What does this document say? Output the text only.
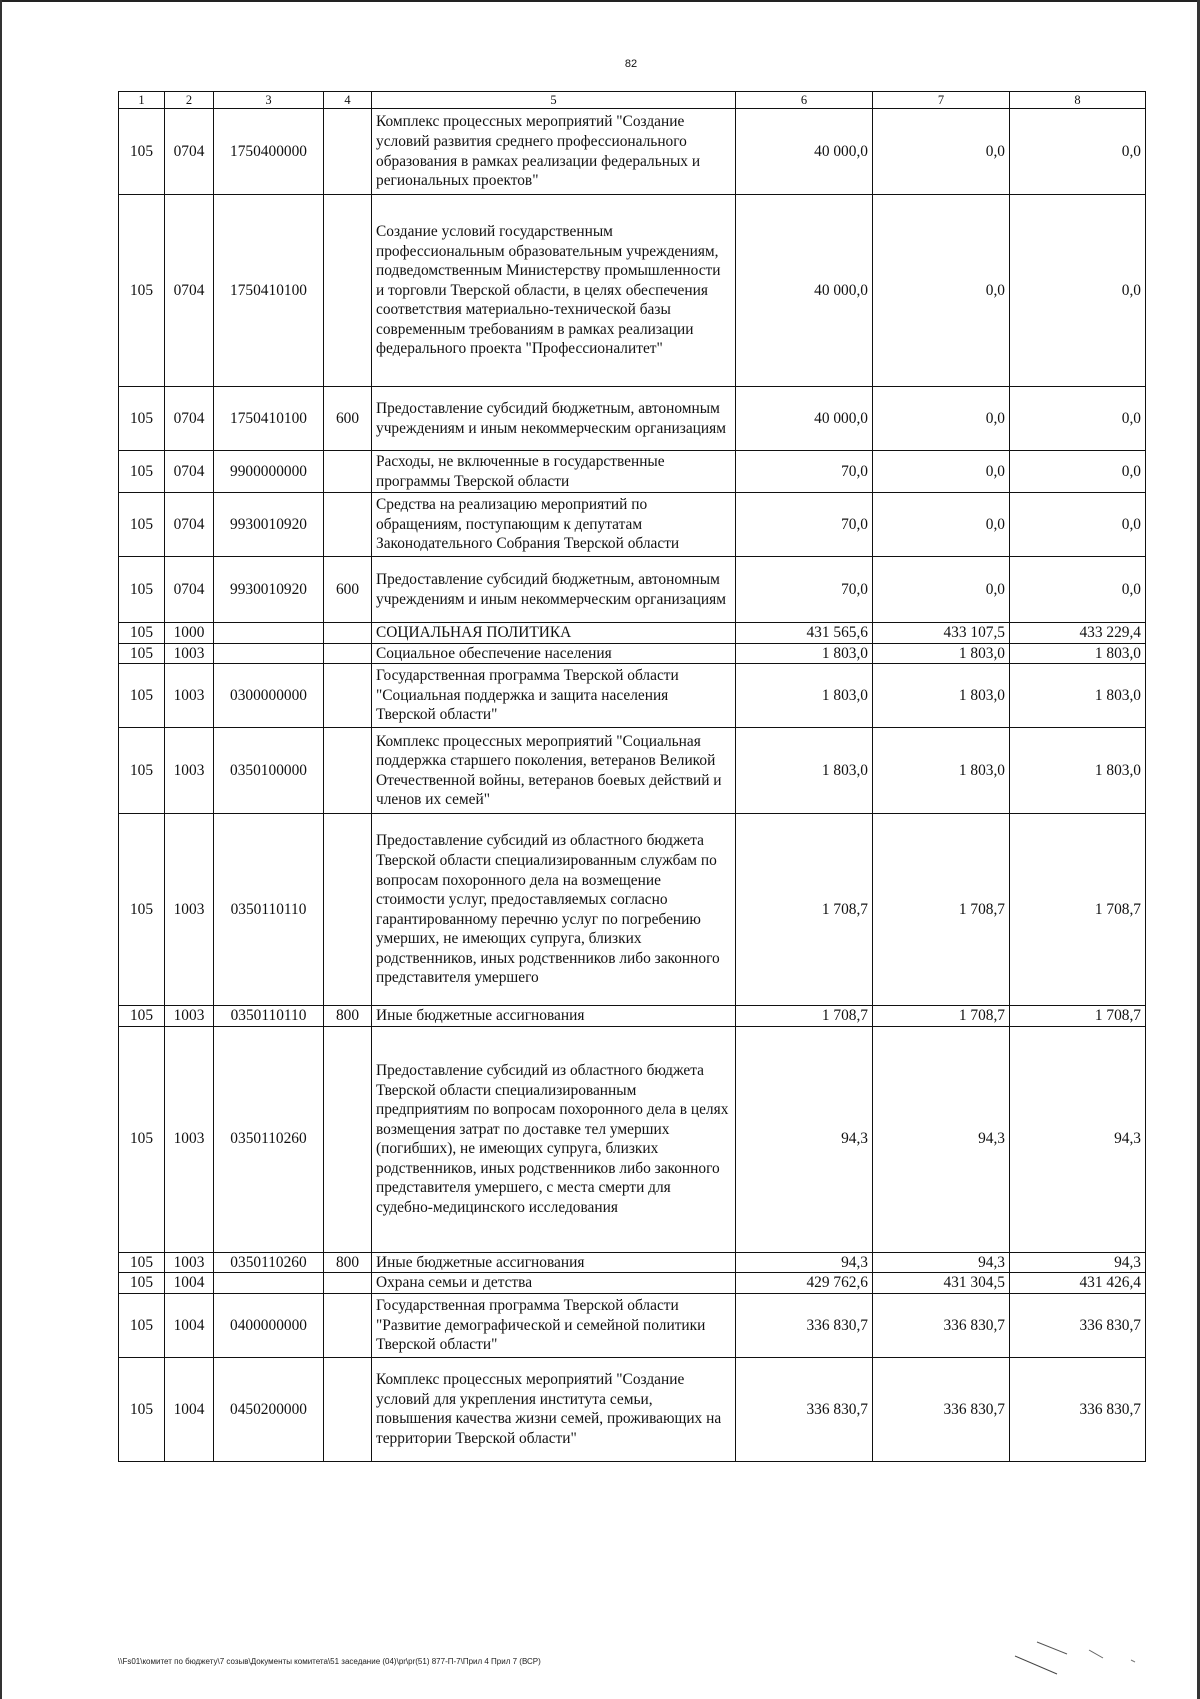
82
1	2	3	4	5	6	7	8
105	0704	1750400000		Комплекс процессных мероприятий "Создание условий развития среднего профессионального образования в рамках реализации федеральных и региональных проектов"	40 000,0	0,0	0,0
105	0704	1750410100		Создание условий государственным профессиональным образовательным учреждениям, подведомственным Министерству промышленности и торговли Тверской области, в целях обеспечения соответствия материально-технической базы современным требованиям в рамках реализации федерального проекта "Профессионалитет"	40 000,0	0,0	0,0
105	0704	1750410100	600	Предоставление субсидий бюджетным, автономным учреждениям и иным некоммерческим организациям	40 000,0	0,0	0,0
105	0704	9900000000		Расходы, не включенные в государственные программы Тверской области	70,0	0,0	0,0
105	0704	9930010920		Средства на реализацию мероприятий по обращениям, поступающим к депутатам Законодательного Собрания Тверской области	70,0	0,0	0,0
105	0704	9930010920	600	Предоставление субсидий бюджетным, автономным учреждениям и иным некоммерческим организациям	70,0	0,0	0,0
105	1000			СОЦИАЛЬНАЯ ПОЛИТИКА	431 565,6	433 107,5	433 229,4
105	1003			Социальное обеспечение населения	1 803,0	1 803,0	1 803,0
105	1003	0300000000		Государственная программа Тверской области "Социальная поддержка и защита населения Тверской области"	1 803,0	1 803,0	1 803,0
105	1003	0350100000		Комплекс процессных мероприятий "Социальная поддержка старшего поколения, ветеранов Великой Отечественной войны, ветеранов боевых действий и членов их семей"	1 803,0	1 803,0	1 803,0
105	1003	0350110110		Предоставление субсидий из областного бюджета Тверской области специализированным службам по вопросам похоронного дела на возмещение стоимости услуг, предоставляемых согласно гарантированному перечню услуг по погребению умерших, не имеющих супруга, близких родственников, иных родственников либо законного представителя умершего	1 708,7	1 708,7	1 708,7
105	1003	0350110110	800	Иные бюджетные ассигнования	1 708,7	1 708,7	1 708,7
105	1003	0350110260		Предоставление субсидий из областного бюджета Тверской области специализированным предприятиям по вопросам похоронного дела в целях возмещения затрат по доставке тел умерших (погибших), не имеющих супруга, близких родственников, иных родственников либо законного представителя умершего, с места смерти для судебно-медицинского исследования	94,3	94,3	94,3
105	1003	0350110260	800	Иные бюджетные ассигнования	94,3	94,3	94,3
105	1004			Охрана семьи и детства	429 762,6	431 304,5	431 426,4
105	1004	0400000000		Государственная программа Тверской области "Развитие демографической и семейной политики Тверской области"	336 830,7	336 830,7	336 830,7
105	1004	0450200000		Комплекс процессных мероприятий "Создание условий для укрепления института семьи, повышения качества жизни семей, проживающих на территории Тверской области"	336 830,7	336 830,7	336 830,7
\\Fs01\комитет по бюджету\7 созыв\Документы комитета\51 заседание (04)\pr\pr(51) 877-П-7\Прил 4 Прил 7 (ВСР)
